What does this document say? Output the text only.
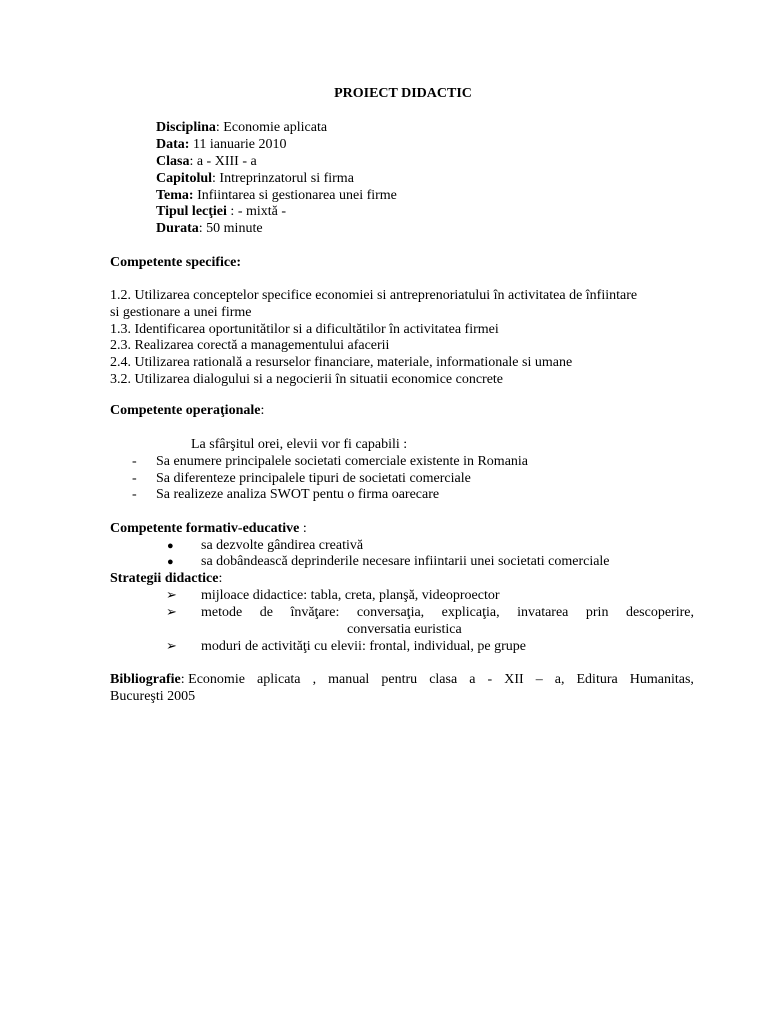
PROIECT DIDACTIC
Disciplina: Economie aplicata
Data: 11 ianuarie 2010
Clasa: a - XIII - a
Capitolul: Intreprinzatorul si firma
Tema: Infiintarea si gestionarea unei firme
Tipul lecţiei : - mixtă -
Durata: 50 minute
Competente specifice:
1.2. Utilizarea conceptelor specifice economiei si antreprenoriatului în activitatea de înfiintare
si gestionare a unei firme
1.3. Identificarea oportunitătilor si a dificultătilor în activitatea firmei
2.3. Realizarea corectă a managementului afacerii
2.4. Utilizarea ratională a resurselor financiare, materiale, informationale si umane
3.2. Utilizarea dialogului si a negocierii în situatii economice concrete
Competente operaţionale:
La sfârşitul orei, elevii vor fi capabili :
- Sa enumere principalele societati comerciale existente in Romania
- Sa diferenteze principalele tipuri de societati comerciale
- Sa realizeze analiza SWOT pentu o firma oarecare
Competente formativ-educative :
● sa dezvolte gândirea creativă
● sa dobândească deprinderile necesare infiintarii unei societati comerciale
Strategii didactice:
➢ mijloace didactice: tabla, creta, planşă, videoproector
➢ metode de învăţare: conversaţia, explicaţia, invatarea prin descoperire,
conversatia euristica
➢ moduri de activităţi cu elevii: frontal, individual, pe grupe
Bibliografie: Economie aplicata , manual pentru clasa a - XII – a, Editura Humanitas,
Bucureşti 2005
